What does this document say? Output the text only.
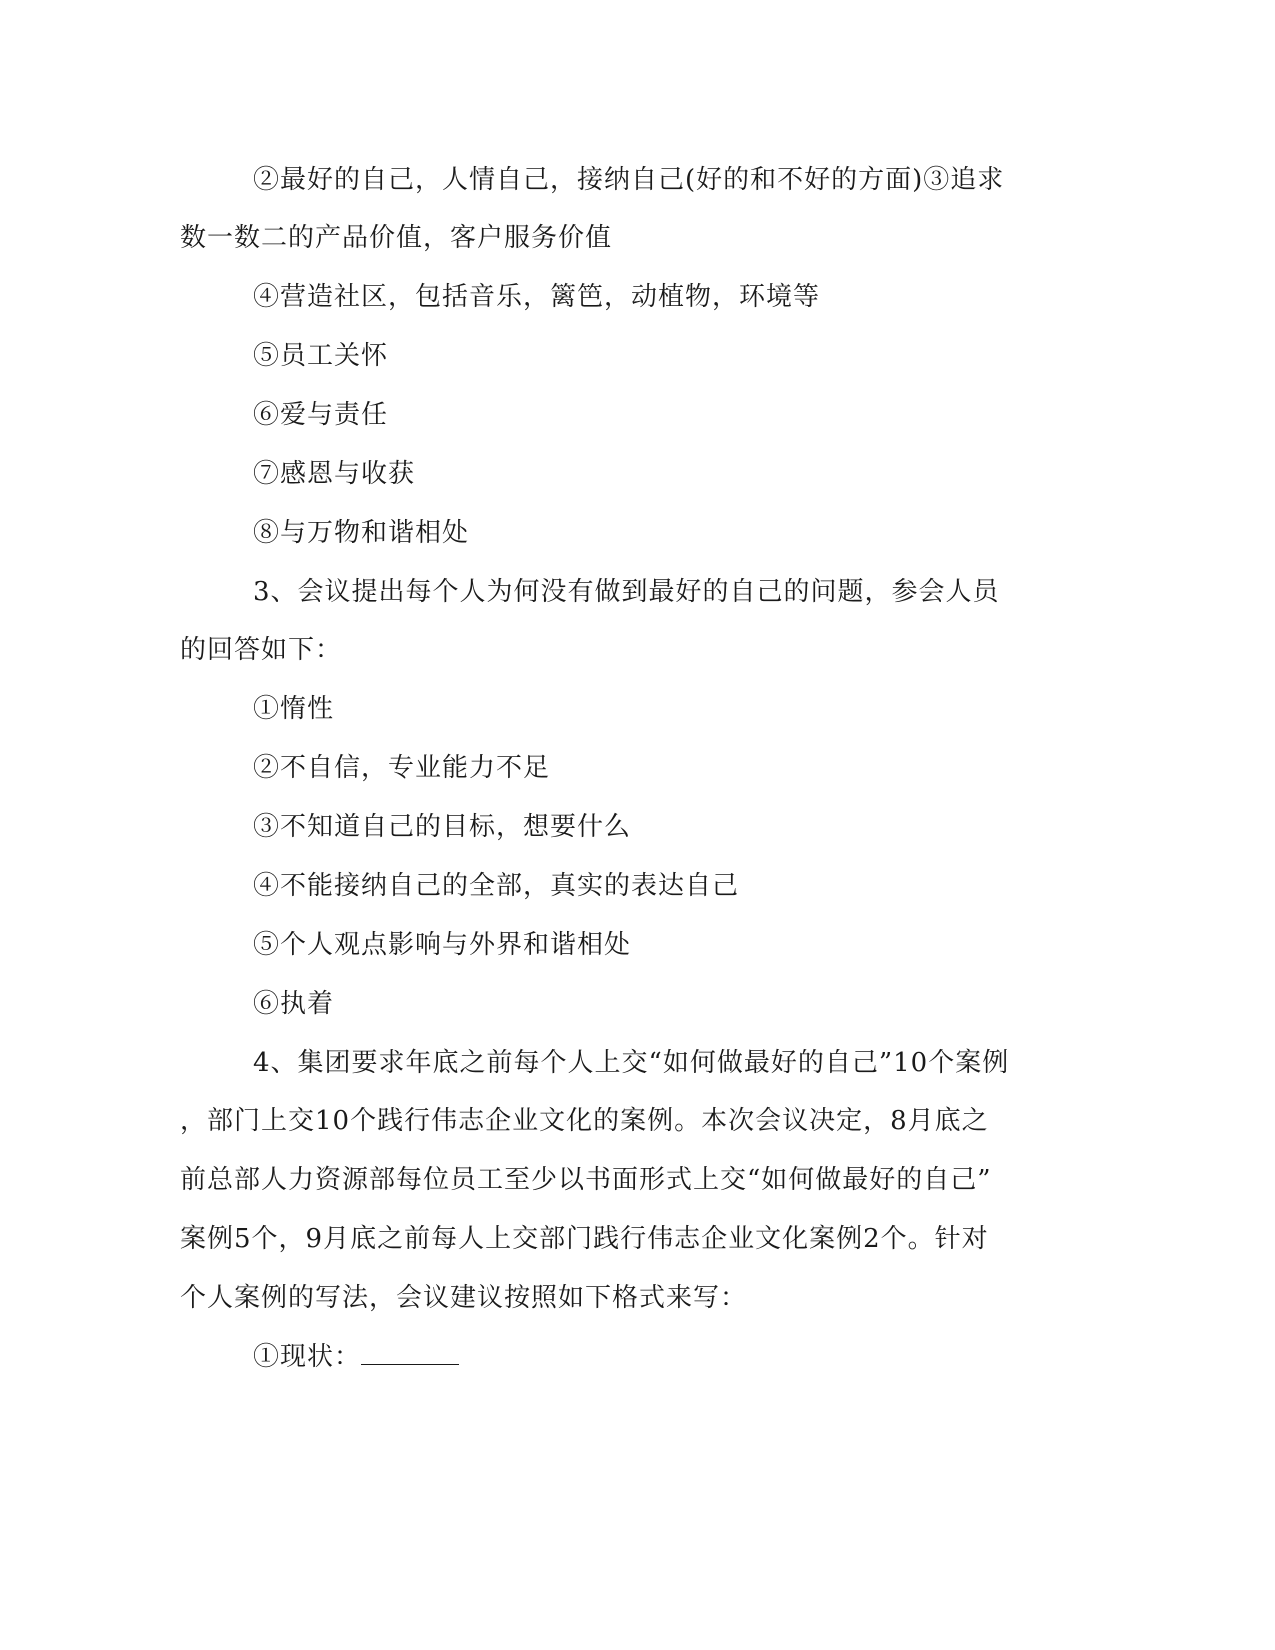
②最好的自己，人情自己，接纳自己(好的和不好的方面)③追求
数一数二的产品价值，客户服务价值
④营造社区，包括音乐，篱笆，动植物，环境等
⑤员工关怀
⑥爱与责任
⑦感恩与收获
⑧与万物和谐相处
3、会议提出每个人为何没有做到最好的自己的问题，参会人员
的回答如下：
①惰性
②不自信，专业能力不足
③不知道自己的目标，想要什么
④不能接纳自己的全部，真实的表达自己
⑤个人观点影响与外界和谐相处
⑥执着
4、集团要求年底之前每个人上交“如何做最好的自己”10个案例
，部门上交10个践行伟志企业文化的案例。本次会议决定，8月底之
前总部人力资源部每位员工至少以书面形式上交“如何做最好的自己”
案例5个，9月底之前每人上交部门践行伟志企业文化案例2个。针对
个人案例的写法，会议建议按照如下格式来写：
①现状：
